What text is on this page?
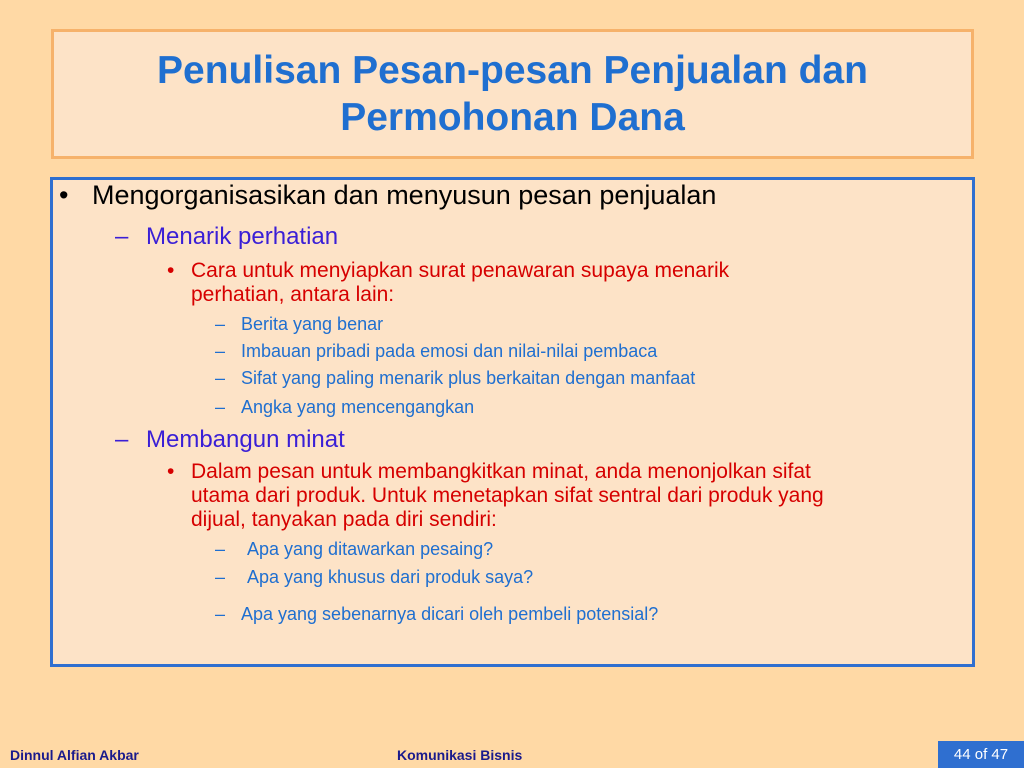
Penulisan Pesan-pesan Penjualan dan Permohonan Dana
• Mengorganisasikan dan menyusun pesan penjualan
– Menarik perhatian
• Cara untuk menyiapkan surat penawaran supaya menarik
perhatian, antara lain:
– Berita yang benar
– Imbauan pribadi pada emosi dan nilai-nilai pembaca
– Sifat yang paling menarik plus berkaitan dengan manfaat
– Angka yang mencengangkan
– Membangun minat
• Dalam pesan untuk membangkitkan minat, anda menonjolkan sifat
utama dari produk. Untuk menetapkan sifat sentral dari produk yang
dijual, tanyakan pada diri sendiri:
– Apa yang ditawarkan pesaing?
– Apa yang khusus dari produk saya?
– Apa yang sebenarnya dicari oleh pembeli potensial?
Dinnul Alfian Akbar	Komunikasi Bisnis	44 of 47
